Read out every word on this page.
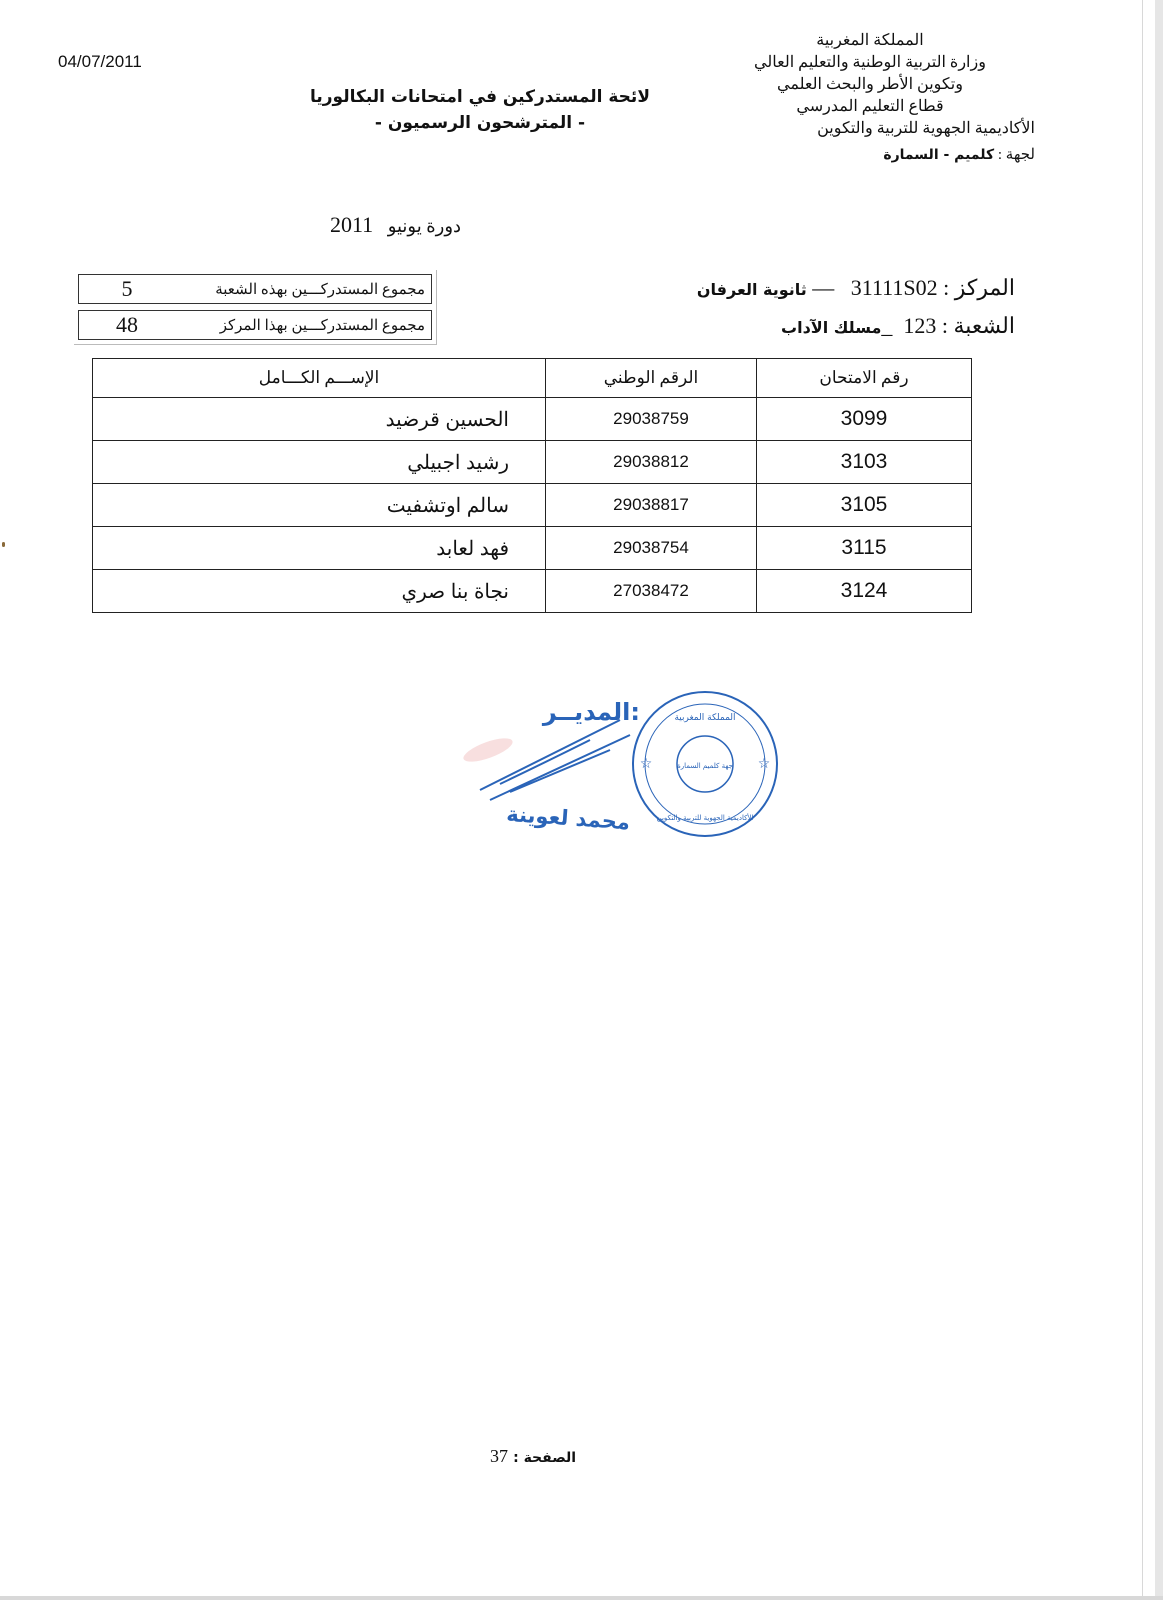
04/07/2011
المملكة المغربية
وزارة التربية الوطنية والتعليم العالي
وتكوين الأطر والبحث العلمي
قطاع التعليم المدرسي
الأكاديمية الجهوية للتربية والتكوين
لجهة : كلميم - السمارة
لائحة المستدركين في امتحانات البكالوريا
- المترشحون الرسميون -
دورة يونيو 2011
المركز : 31111S02   — ثانوية العرفان
الشعبة : 123  _مسلك الآداب
مجموع المستدركـــين بهذه الشعبة
5
مجموع المستدركـــين بهذا المركز
48
رقم الامتحان	الرقم الوطني	الإســـم الكـــامل
3099	29038759	الحسين قرضيد
3103	29038812	رشيد اجبيلي
3105	29038817	سالم اوتشفيت
3115	29038754	فهد لعابد
3124	27038472	نجاة بنا صري
المديــر:
محمد لعوينة
المملكة المغربية
جهة كلميم السمارة
الأكاديمية الجهوية للتربية والتكوين
☆	☆
الصفحة : 37
